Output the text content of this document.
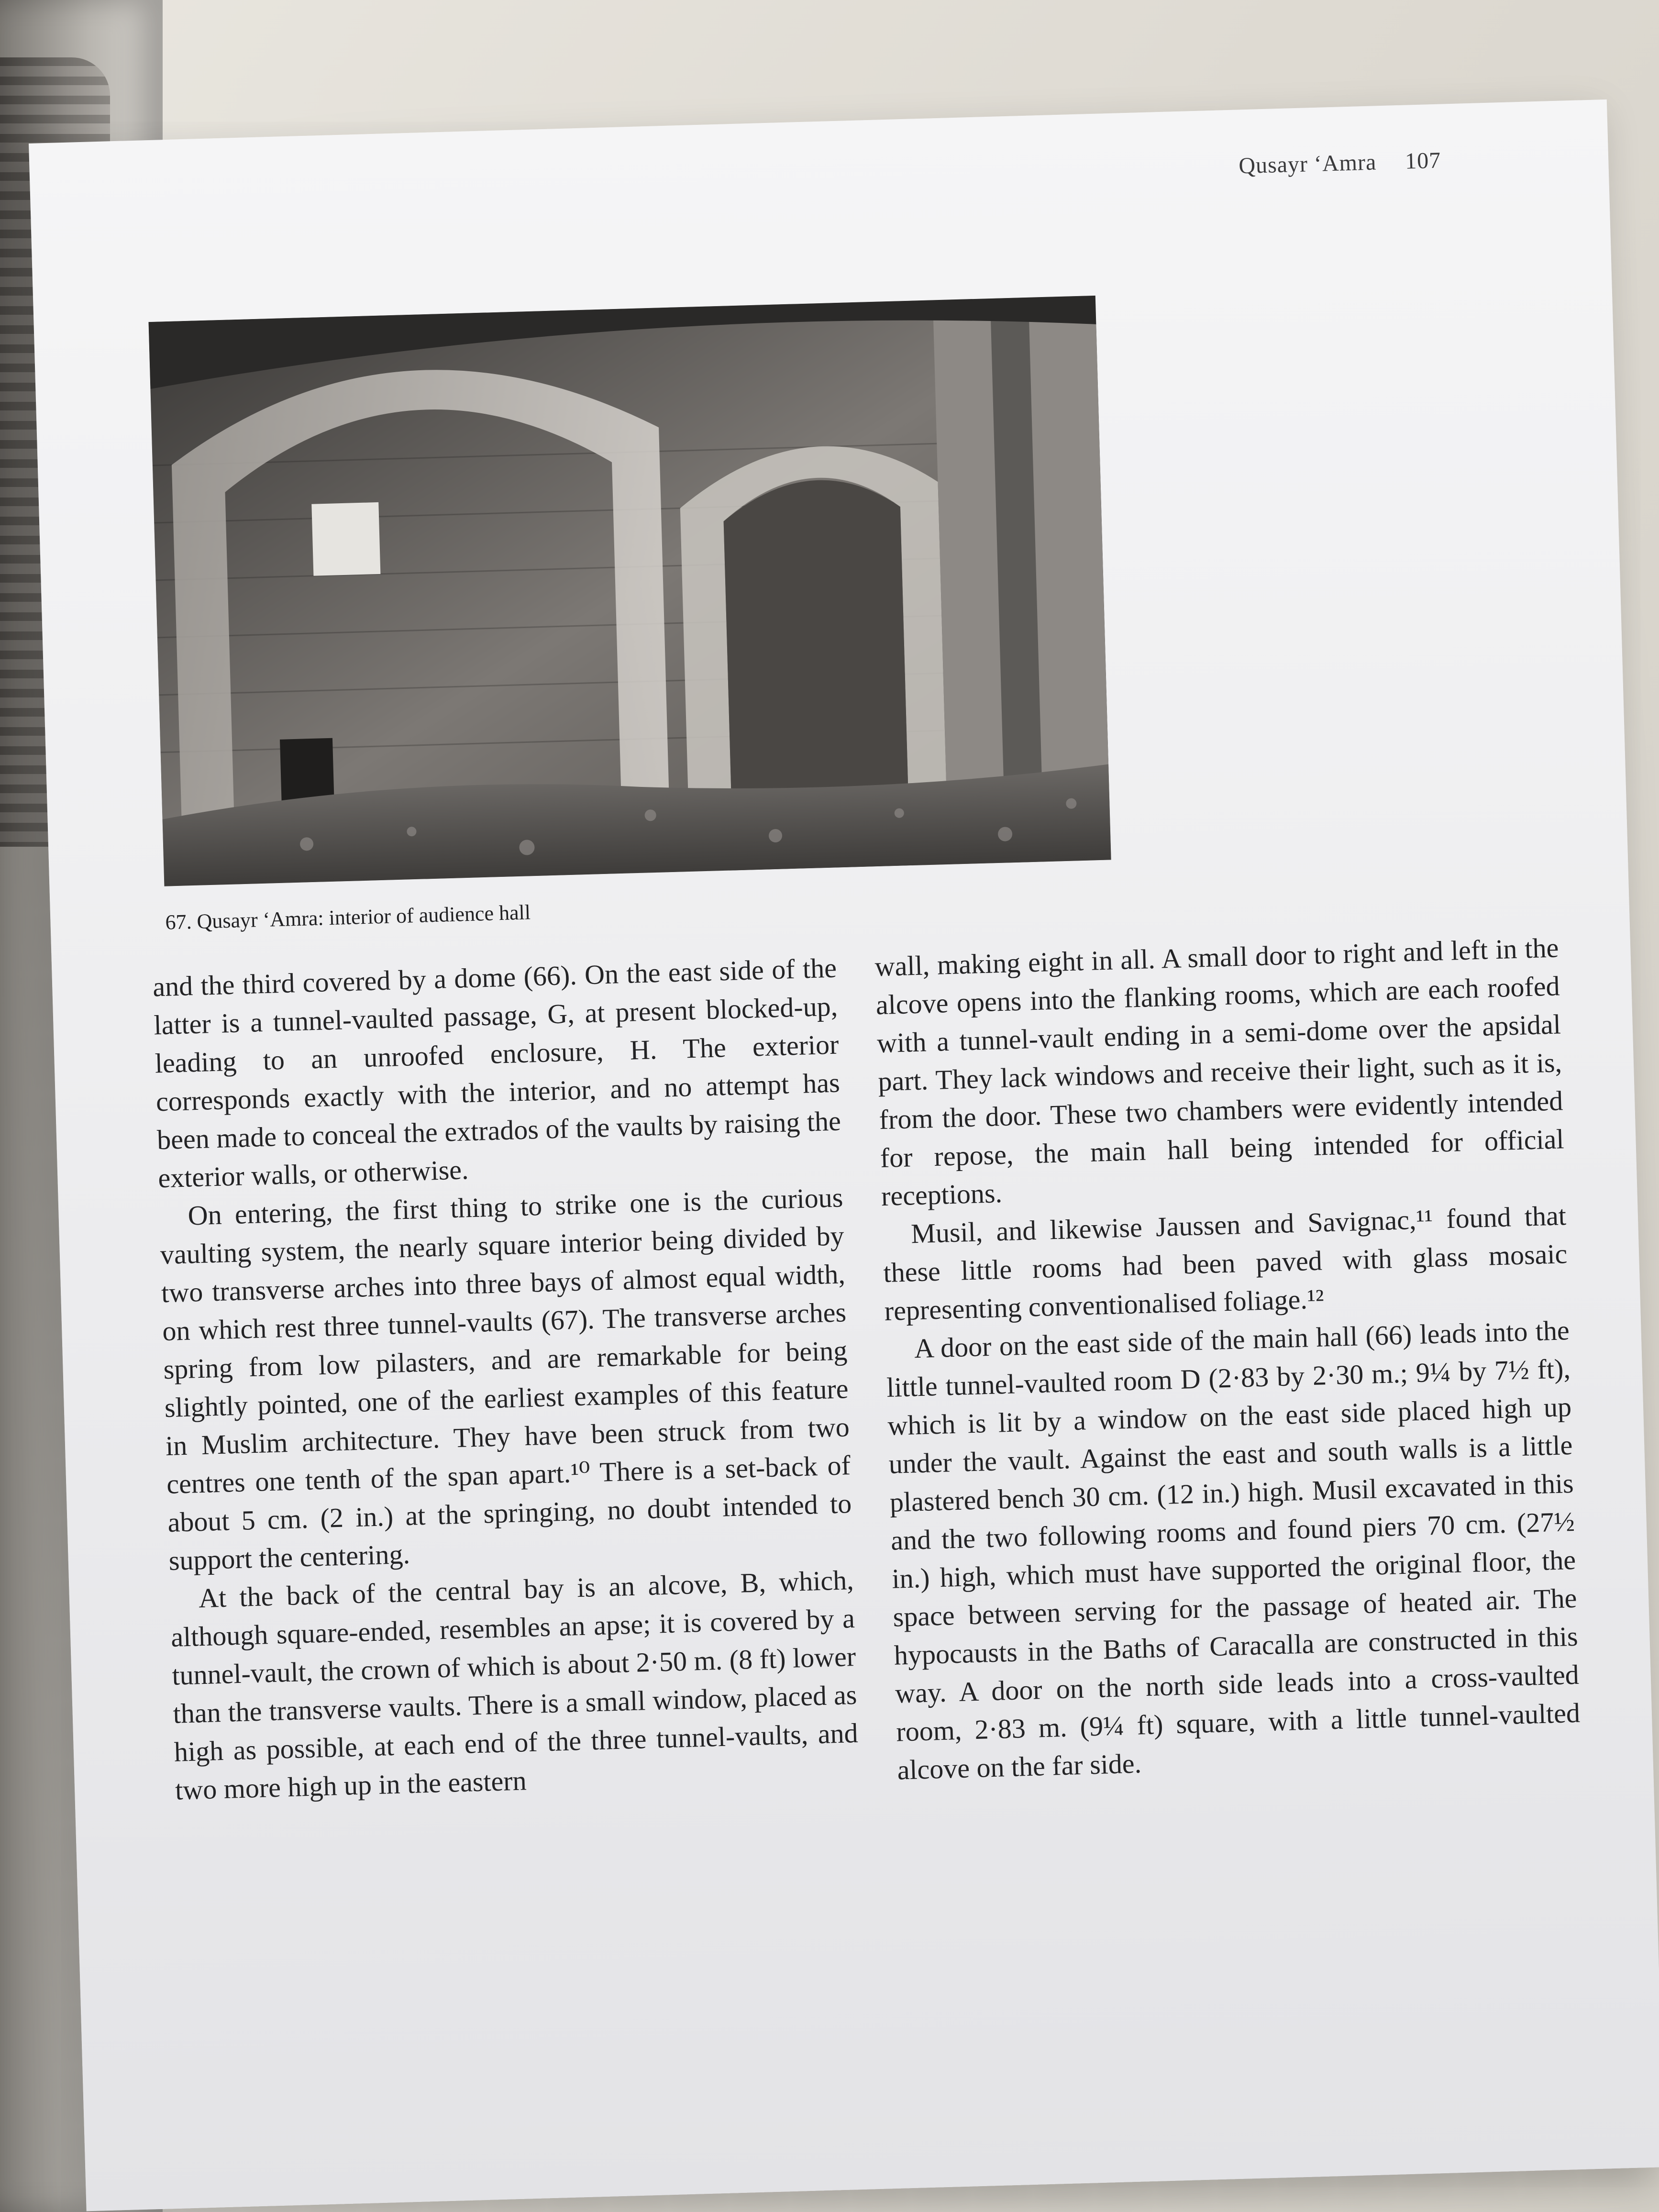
Qusayr ‘Amra 107
67. Qusayr ‘Amra: interior of audience hall

and the third covered by a dome (66). On the east side of the latter is a tunnel-vaulted passage, G, at present blocked-up, leading to an unroofed enclosure, H. The exterior corresponds exactly with the interior, and no attempt has been made to conceal the extrados of the vaults by raising the exterior walls, or otherwise.

On entering, the first thing to strike one is the curious vaulting system, the nearly square interior being divided by two transverse arches into three bays of almost equal width, on which rest three tunnel-vaults (67). The transverse arches spring from low pilasters, and are remarkable for being slightly pointed, one of the earliest examples of this feature in Muslim architecture. They have been struck from two centres one tenth of the span apart.¹⁰ There is a set-back of about 5 cm. (2 in.) at the springing, no doubt intended to support the centering.

At the back of the central bay is an alcove, B, which, although square-ended, resembles an apse; it is covered by a tunnel-vault, the crown of which is about 2·50 m. (8 ft) lower than the transverse vaults. There is a small window, placed as high as possible, at each end of the three tunnel-vaults, and two more high up in the eastern

wall, making eight in all. A small door to right and left in the alcove opens into the flanking rooms, which are each roofed with a tunnel-vault ending in a semi-dome over the apsidal part. They lack windows and receive their light, such as it is, from the door. These two chambers were evidently intended for repose, the main hall being intended for official receptions.

Musil, and likewise Jaussen and Savignac,¹¹ found that these little rooms had been paved with glass mosaic representing conventionalised foliage.¹²

A door on the east side of the main hall (66) leads into the little tunnel-vaulted room D (2·83 by 2·30 m.; 9¼ by 7½ ft), which is lit by a window on the east side placed high up under the vault. Against the east and south walls is a little plastered bench 30 cm. (12 in.) high. Musil excavated in this and the two following rooms and found piers 70 cm. (27½ in.) high, which must have supported the original floor, the space between serving for the passage of heated air. The hypocausts in the Baths of Caracalla are constructed in this way. A door on the north side leads into a cross-vaulted room, 2·83 m. (9¼ ft) square, with a little tunnel-vaulted alcove on the far side.
